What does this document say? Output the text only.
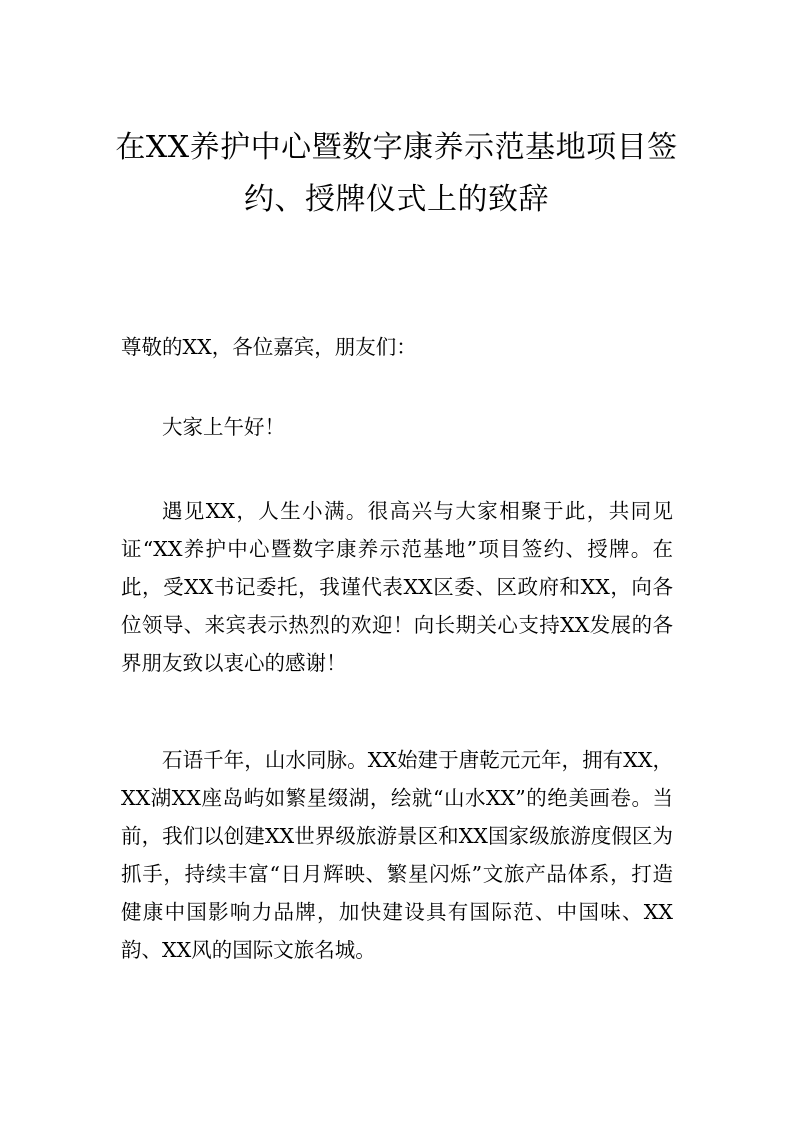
在XX养护中心暨数字康养示范基地项目签约、授牌仪式上的致辞

尊敬的XX，各位嘉宾，朋友们：

大家上午好！

遇见XX，人生小满。很高兴与大家相聚于此，共同见证“XX养护中心暨数字康养示范基地”项目签约、授牌。在此，受XX书记委托，我谨代表XX区委、区政府和XX，向各位领导、来宾表示热烈的欢迎！向长期关心支持XX发展的各界朋友致以衷心的感谢！

石语千年，山水同脉。XX始建于唐乾元元年，拥有XX，XX湖XX座岛屿如繁星缀湖，绘就“山水XX”的绝美画卷。当前，我们以创建XX世界级旅游景区和XX国家级旅游度假区为抓手，持续丰富“日月辉映、繁星闪烁”文旅产品体系，打造健康中国影响力品牌，加快建设具有国际范、中国味、XX韵、XX风的国际文旅名城。
